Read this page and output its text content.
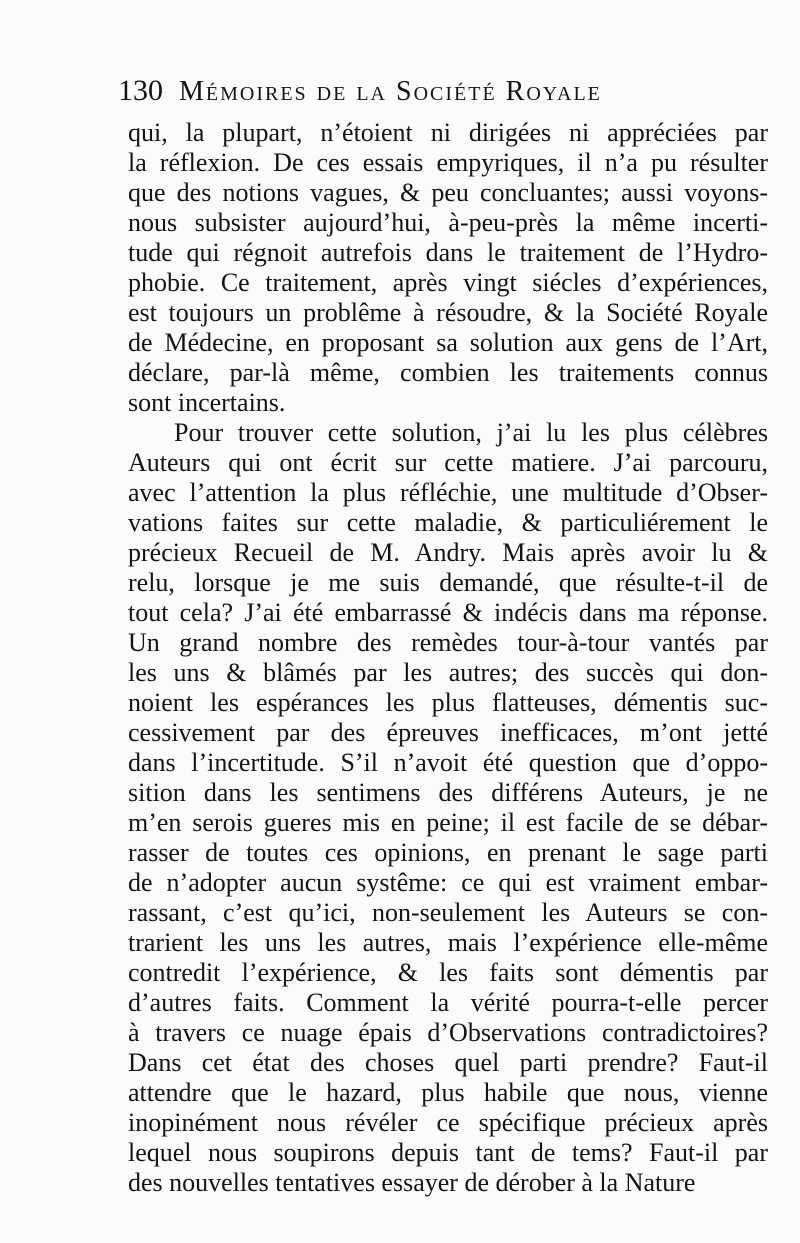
130 Mémoires de la Société Royale
qui, la plupart, n’étoient ni dirigées ni appréciées par
la réflexion. De ces essais empyriques, il n’a pu résulter
que des notions vagues, & peu concluantes; aussi voyons-
nous subsister aujourd’hui, à-peu-près la même incerti-
tude qui régnoit autrefois dans le traitement de l’Hydro-
phobie. Ce traitement, après vingt siécles d’expériences,
est toujours un problême à résoudre, & la Société Royale
de Médecine, en proposant sa solution aux gens de l’Art,
déclare, par-là même, combien les traitements connus
sont incertains.
Pour trouver cette solution, j’ai lu les plus célèbres
Auteurs qui ont écrit sur cette matiere. J’ai parcouru,
avec l’attention la plus réfléchie, une multitude d’Obser-
vations faites sur cette maladie, & particuliérement le
précieux Recueil de M. Andry. Mais après avoir lu &
relu, lorsque je me suis demandé, que résulte-t-il de
tout cela? J’ai été embarrassé & indécis dans ma réponse.
Un grand nombre des remèdes tour-à-tour vantés par
les uns & blâmés par les autres; des succès qui don-
noient les espérances les plus flatteuses, démentis suc-
cessivement par des épreuves inefficaces, m’ont jetté
dans l’incertitude. S’il n’avoit été question que d’oppo-
sition dans les sentimens des différens Auteurs, je ne
m’en serois gueres mis en peine; il est facile de se débar-
rasser de toutes ces opinions, en prenant le sage parti
de n’adopter aucun systême: ce qui est vraiment embar-
rassant, c’est qu’ici, non-seulement les Auteurs se con-
trarient les uns les autres, mais l’expérience elle-même
contredit l’expérience, & les faits sont démentis par
d’autres faits. Comment la vérité pourra-t-elle percer
à travers ce nuage épais d’Observations contradictoires?
Dans cet état des choses quel parti prendre? Faut-il
attendre que le hazard, plus habile que nous, vienne
inopinément nous révéler ce spécifique précieux après
lequel nous soupirons depuis tant de tems? Faut-il par
des nouvelles tentatives essayer de dérober à la Nature
